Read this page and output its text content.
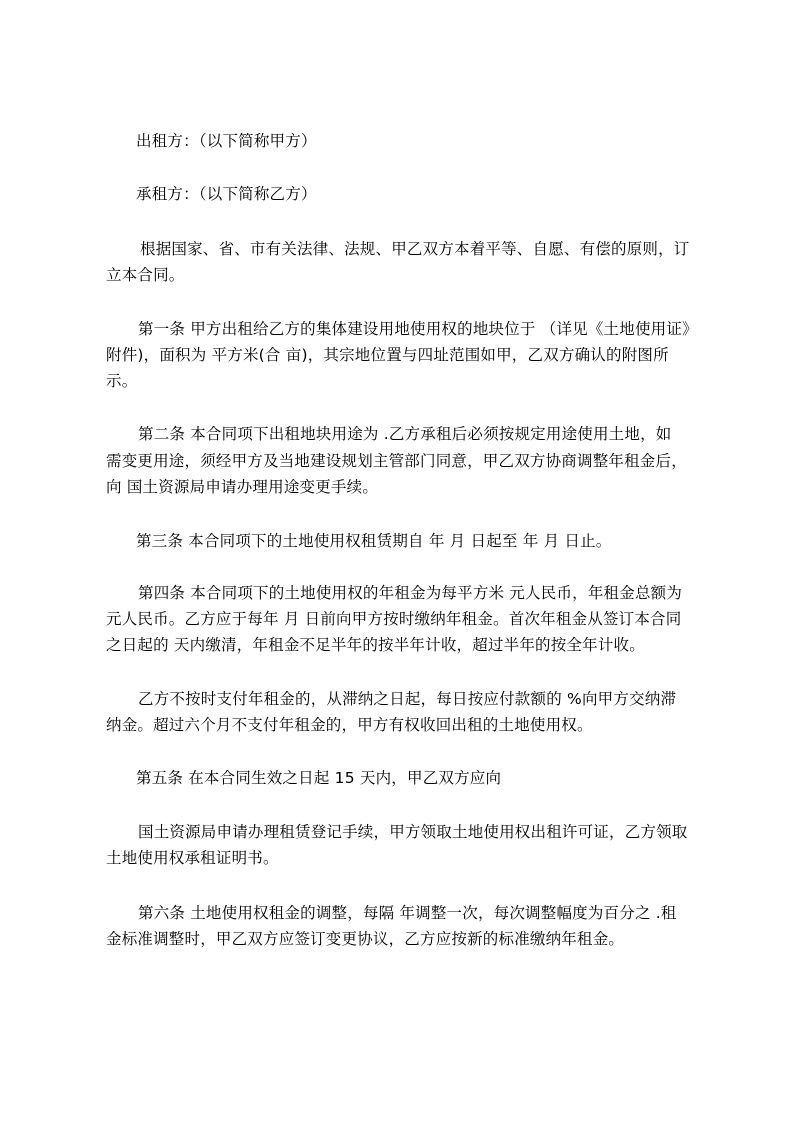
出租方：（以下简称甲方）
承租方：（以下简称乙方）
根据国家、省、市有关法律、法规、甲乙双方本着平等、自愿、有偿的原则，订
立本合同。
第一条 甲方出租给乙方的集体建设用地使用权的地块位于 （详见《土地使用证》
附件)，面积为 平方米(合 亩)，其宗地位置与四址范围如甲，乙双方确认的附图所
示。
第二条 本合同项下出租地块用途为 .乙方承租后必须按规定用途使用土地，如
需变更用途，须经甲方及当地建设规划主管部门同意，甲乙双方协商调整年租金后，
向 国土资源局申请办理用途变更手续。
第三条 本合同项下的土地使用权租赁期自 年 月 日起至 年 月 日止。
第四条 本合同项下的土地使用权的年租金为每平方米 元人民币，年租金总额为
元人民币。乙方应于每年 月 日前向甲方按时缴纳年租金。首次年租金从签订本合同
之日起的 天内缴清，年租金不足半年的按半年计收，超过半年的按全年计收。
乙方不按时支付年租金的，从滞纳之日起，每日按应付款额的 %向甲方交纳滞
纳金。超过六个月不支付年租金的，甲方有权收回出租的土地使用权。
第五条 在本合同生效之日起 15 天内，甲乙双方应向
国土资源局申请办理租赁登记手续，甲方领取土地使用权出租许可证，乙方领取
土地使用权承租证明书。
第六条 土地使用权租金的调整，每隔 年调整一次，每次调整幅度为百分之 .租
金标准调整时，甲乙双方应签订变更协议，乙方应按新的标准缴纳年租金。
